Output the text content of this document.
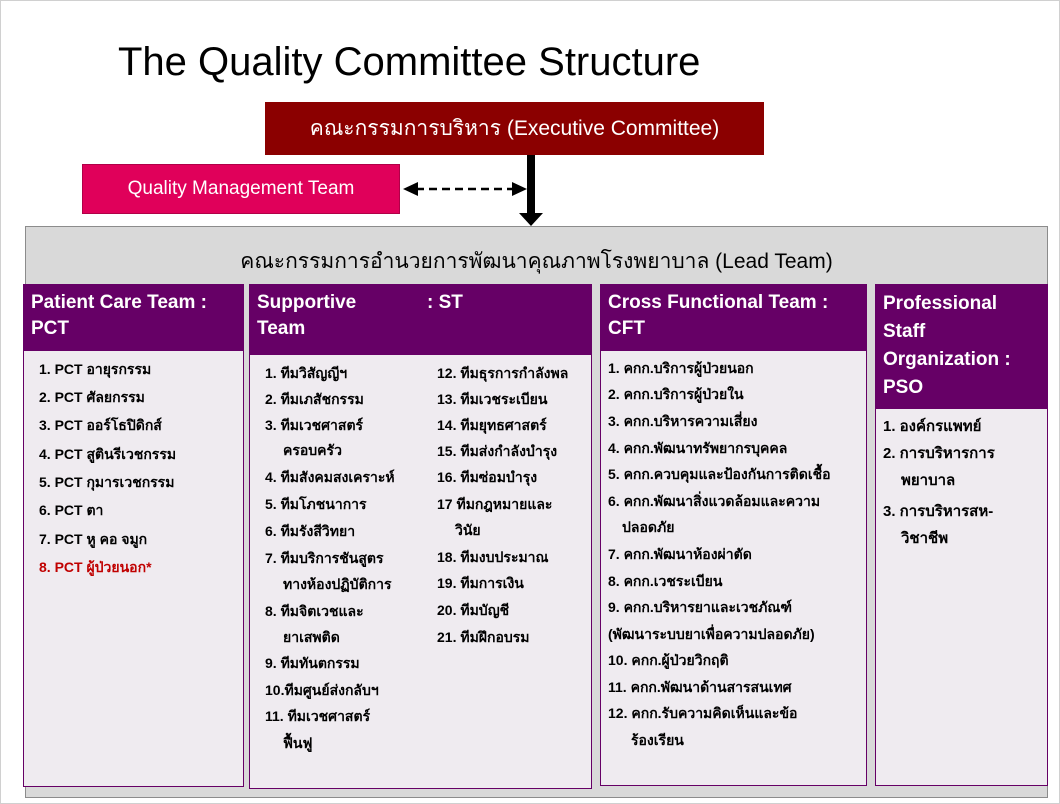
The Quality Committee Structure
คณะกรรมการบริหาร (Executive Committee)
Quality Management Team
คณะกรรมการอำนวยการพัฒนาคุณภาพโรงพยาบาล (Lead Team)
Patient Care Team : PCT
1. PCT อายุรกรรม
2. PCT ศัลยกรรม
3. PCT ออร์โธปิดิกส์
4. PCT สูตินรีเวชกรรม
5. PCT กุมารเวชกรรม
6. PCT ตา
7. PCT หู คอ จมูก
8. PCT ผู้ป่วยนอก*
Supportive Team
: ST
1. ทีมวิสัญญีฯ
2. ทีมเภสัชกรรม
3. ทีมเวชศาสตร์
ครอบครัว
4. ทีมสังคมสงเคราะห์
5. ทีมโภชนาการ
6. ทีมรังสีวิทยา
7. ทีมบริการชันสูตร
ทางห้องปฏิบัติการ
8. ทีมจิตเวชและ
ยาเสพติด
9. ทีมทันตกรรม
10.ทีมศูนย์ส่งกลับฯ
11. ทีมเวชศาสตร์
ฟื้นฟู
12. ทีมธุรการกำลังพล
13. ทีมเวชระเบียน
14. ทีมยุทธศาสตร์
15. ทีมส่งกำลังบำรุง
16. ทีมซ่อมบำรุง
17 ทีมกฎหมายและ
วินัย
18. ทีมงบประมาณ
19. ทีมการเงิน
20. ทีมบัญชี
21. ทีมฝึกอบรม
Cross Functional Team : CFT
1. คกก.บริการผู้ป่วยนอก
2. คกก.บริการผู้ป่วยใน
3. คกก.บริหารความเสี่ยง
4. คกก.พัฒนาทรัพยากรบุคคล
5. คกก.ควบคุมและป้องกันการติดเชื้อ
6. คกก.พัฒนาสิ่งแวดล้อมและความ
ปลอดภัย
7. คกก.พัฒนาห้องผ่าตัด
8. คกก.เวชระเบียน
9. คกก.บริหารยาและเวชภัณฑ์
(พัฒนาระบบยาเพื่อความปลอดภัย)
10. คกก.ผู้ป่วยวิกฤติ
11. คกก.พัฒนาด้านสารสนเทศ
12. คกก.รับความคิดเห็นและข้อ
ร้องเรียน
Professional Staff Organization : PSO
1. องค์กรแพทย์
2. การบริหารการ
พยาบาล
3. การบริหารสห-
วิชาชีพ
